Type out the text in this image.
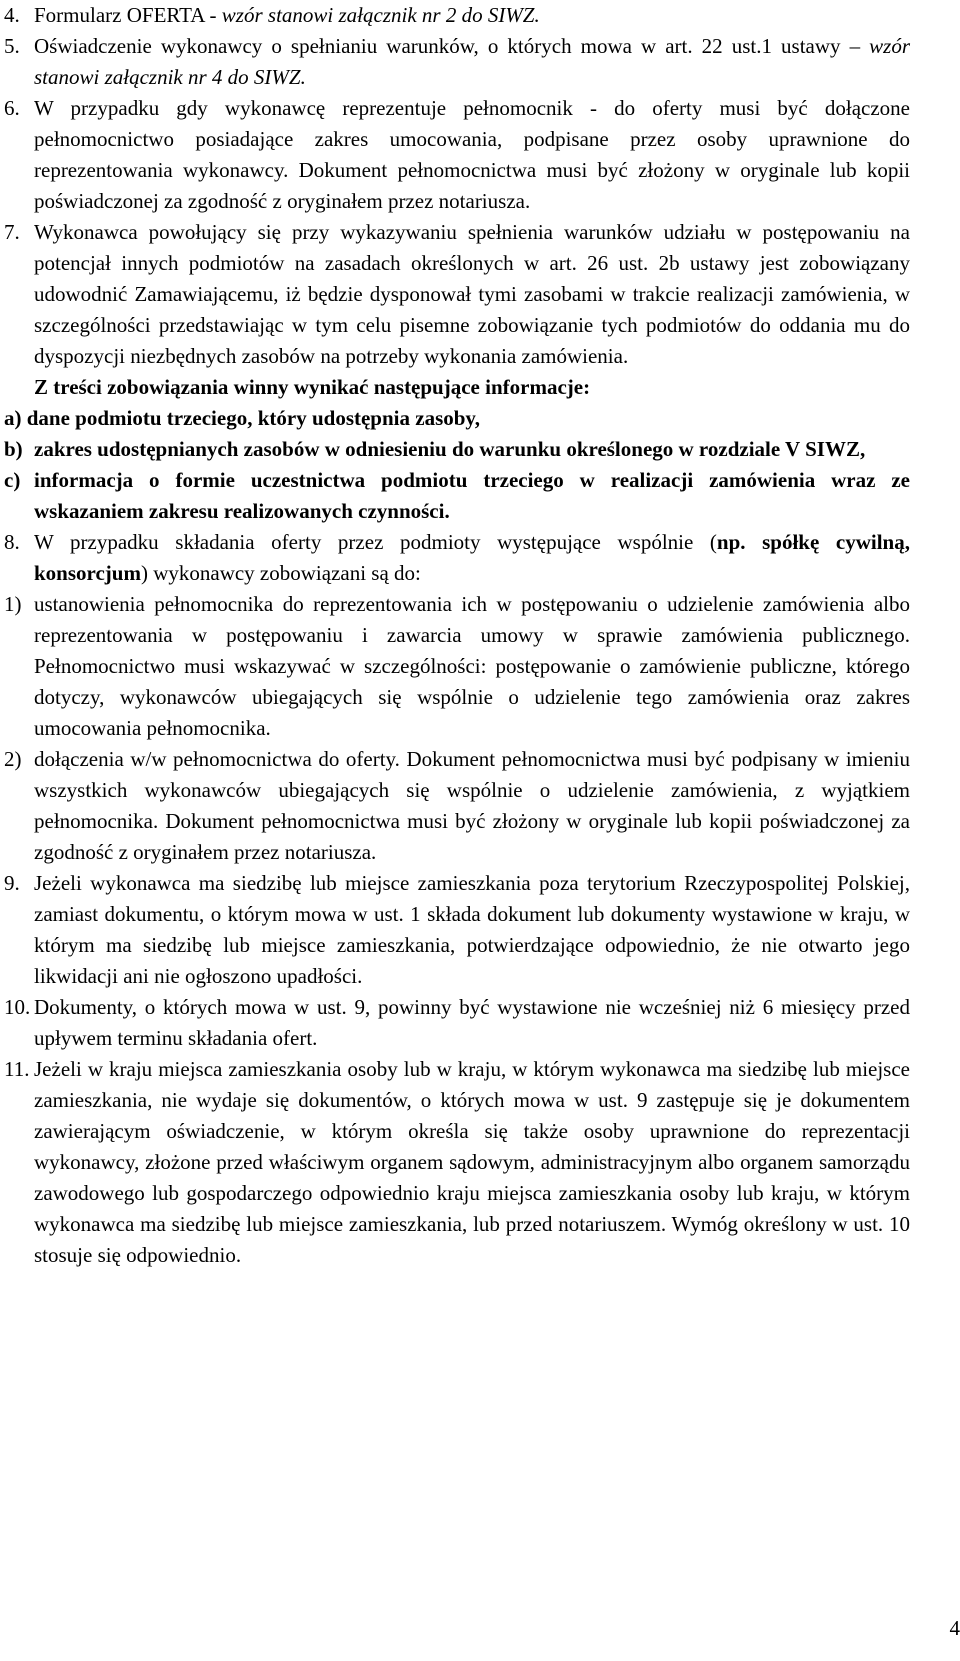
4. Formularz OFERTA - wzór stanowi załącznik nr 2 do SIWZ.
5. Oświadczenie wykonawcy o spełnianiu warunków, o których mowa w art. 22 ust.1 ustawy – wzór stanowi załącznik nr 4 do SIWZ.
6. W przypadku gdy wykonawcę reprezentuje pełnomocnik - do oferty musi być dołączone pełnomocnictwo posiadające zakres umocowania, podpisane przez osoby uprawnione do reprezentowania wykonawcy. Dokument pełnomocnictwa musi być złożony w oryginale lub kopii poświadczonej za zgodność z oryginałem przez notariusza.
7. Wykonawca powołujący się przy wykazywaniu spełnienia warunków udziału w postępowaniu na potencjał innych podmiotów na zasadach określonych w art. 26 ust. 2b ustawy jest zobowiązany udowodnić Zamawiającemu, iż będzie dysponował tymi zasobami w trakcie realizacji zamówienia, w szczególności przedstawiając w tym celu pisemne zobowiązanie tych podmiotów do oddania mu do dyspozycji niezbędnych zasobów na potrzeby wykonania zamówienia.
Z treści zobowiązania winny wynikać następujące informacje:
a) dane podmiotu trzeciego, który udostępnia zasoby,
b) zakres udostępnianych zasobów w odniesieniu do warunku określonego w rozdziale V SIWZ,
c) informacja o formie uczestnictwa podmiotu trzeciego w realizacji zamówienia wraz ze wskazaniem zakresu realizowanych czynności.
8. W przypadku składania oferty przez podmioty występujące wspólnie (np. spółkę cywilną, konsorcjum) wykonawcy zobowiązani są do:
1) ustanowienia pełnomocnika do reprezentowania ich w postępowaniu o udzielenie zamówienia albo reprezentowania w postępowaniu i zawarcia umowy w sprawie zamówienia publicznego. Pełnomocnictwo musi wskazywać w szczególności: postępowanie o zamówienie publiczne, którego dotyczy, wykonawców ubiegających się wspólnie o udzielenie tego zamówienia oraz zakres umocowania pełnomocnika.
2) dołączenia w/w pełnomocnictwa do oferty. Dokument pełnomocnictwa musi być podpisany w imieniu wszystkich wykonawców ubiegających się wspólnie o udzielenie zamówienia, z wyjątkiem pełnomocnika. Dokument pełnomocnictwa musi być złożony w oryginale lub kopii poświadczonej za zgodność z oryginałem przez notariusza.
9. Jeżeli wykonawca ma siedzibę lub miejsce zamieszkania poza terytorium Rzeczypospolitej Polskiej, zamiast dokumentu, o którym mowa w ust. 1 składa dokument lub dokumenty wystawione w kraju, w którym ma siedzibę lub miejsce zamieszkania, potwierdzające odpowiednio, że nie otwarto jego likwidacji ani nie ogłoszono upadłości.
10. Dokumenty, o których mowa w ust. 9, powinny być wystawione nie wcześniej niż 6 miesięcy przed upływem terminu składania ofert.
11. Jeżeli w kraju miejsca zamieszkania osoby lub w kraju, w którym wykonawca ma siedzibę lub miejsce zamieszkania, nie wydaje się dokumentów, o których mowa w ust. 9 zastępuje się je dokumentem zawierającym oświadczenie, w którym określa się także osoby uprawnione do reprezentacji wykonawcy, złożone przed właściwym organem sądowym, administracyjnym albo organem samorządu zawodowego lub gospodarczego odpowiednio kraju miejsca zamieszkania osoby lub kraju, w którym wykonawca ma siedzibę lub miejsce zamieszkania, lub przed notariuszem. Wymóg określony w ust. 10 stosuje się odpowiednio.
4
